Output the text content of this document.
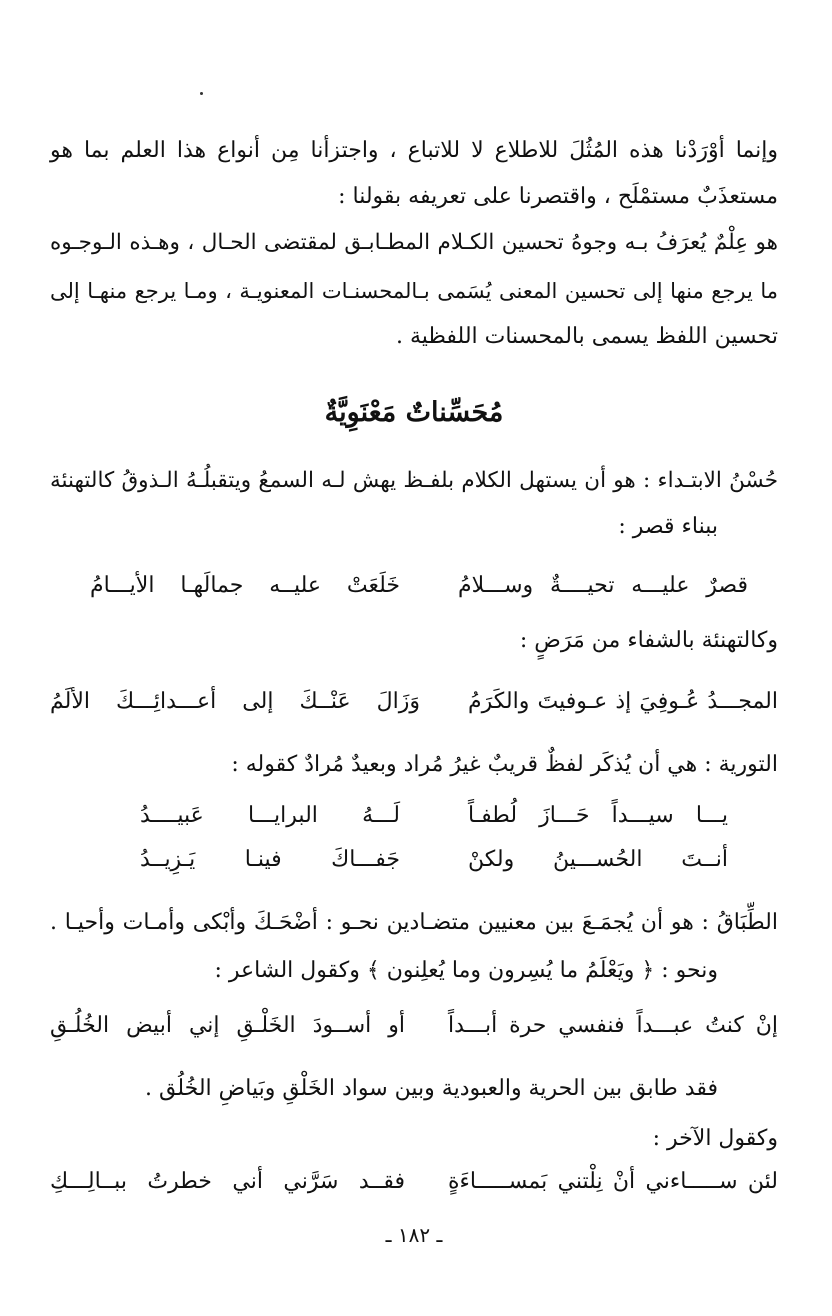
وإنما أوْرَدْنا هذه المُثُلَ للاطلاع لا للاتباع ، واجتزأنا مِن أنواع هذا العلم بما هو
مستعذَبٌ مستمْلَح ، واقتصرنا على تعريفه بقولنا :
هو عِلْمٌ يُعرَفُ بـه وجوهُ تحسين الكـلام المطـابـق لمقتضى الحـال ، وهـذه الـوجـوه
ما يرجع منها إلى تحسين المعنى يُسَمى بـالمحسنـات المعنويـة ، ومـا يرجع منهـا إلى
تحسين اللفظ يسمى بالمحسنات اللفظية .
مُحَسِّناتٌ مَعْنَوِيَّةٌ
حُسْنُ الابتـداء : هو أن يستهل الكلام بلفـظ يهش لـه السمعُ ويتقبلُـهُ الـذوقُ كالتهنئة
ببناء قصر :
قصرٌ عليـــه تحيــــةٌ وســـلامُ
خَلَعَتْ عليــه جمالَهـا الأيـــامُ
وكالتهنئة بالشفاء من مَرَضٍ :
المجـــدُ عُـوفِيَ إذ عـوفيتَ والكَرَمُ
وَزَالَ عَنْــكَ إلى أعـــدائِـــكَ الألَمُ
التورية : هي أن يُذكَر لفظٌ قريبٌ غيرُ مُراد وبعيدٌ مُرادٌ كقوله :
يـــا سيـــداً حَـــازَ لُطفـاً
لَـــهُ البرايـــا عَبيــــدُ
أنــتَ الحُســـينُ ولكنْ
جَفـــاكَ فينـا يَـزِيــدُ
الطِّبَاقُ : هو أن يُجمَـعَ بين معنيين متضـادين نحـو : أضْحَـكَ وأبْكى وأمـات وأحيـا .
ونحو : ﴿ ويَعْلَمُ ما يُسِرون وما يُعلِنون ﴾ وكقول الشاعر :
إنْ كنتُ عبـــداً فنفسي حرة أبـــداً
أو أســودَ الخَلْـقِ إني أبيض الخُلُـقِ
فقد طابق بين الحرية والعبودية وبين سواد الخَلْقِ وبَياضِ الخُلُق .
وكقول الآخر :
لئن ســـــاءني أنْ نِلْتني بَمســـــاءَةٍ
فقــد سَرَّني أني خطرتُ ببــالِـــكِ
ـ ١٨٢ ـ
